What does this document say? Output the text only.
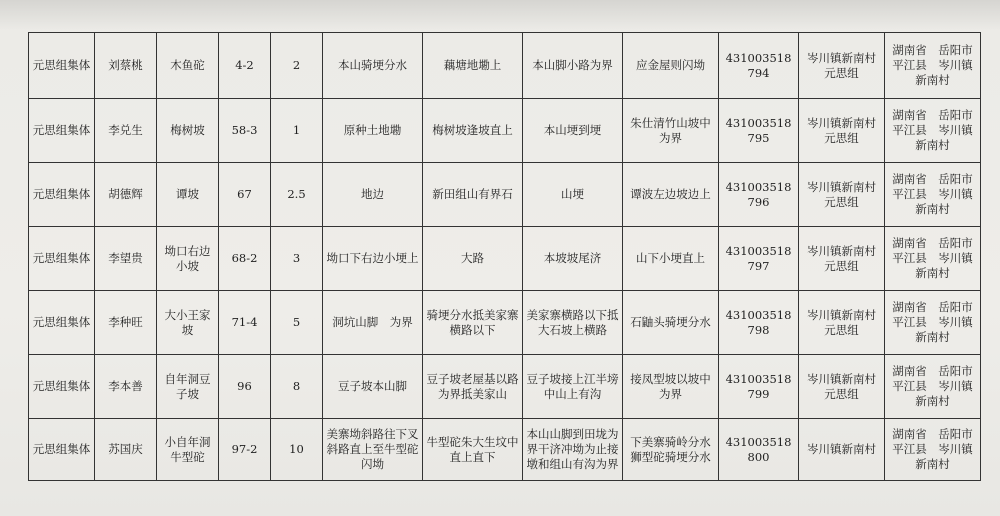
元思组集体	刘蔡桃	木鱼砣	4-2	2	本山骑埂分水	藕塘地墈上	本山脚小路为界	应金屋则闪坳	431003518794	岑川镇新南村元思组	湖南省　岳阳市平江县　岑川镇新南村
元思组集体	李兑生	梅树坡	58-3	1	原种土地墈	梅树坡逢坡直上	本山埂到埂	朱仕清竹山坡中为界	431003518795	岑川镇新南村元思组	湖南省　岳阳市平江县　岑川镇新南村
元思组集体	胡德辉	谭坡	67	2.5	地边	新田组山有界石	山埂	谭波左边坡边上	431003518796	岑川镇新南村元思组	湖南省　岳阳市平江县　岑川镇新南村
元思组集体	李望贵	坳口右边小坡	68-2	3	坳口下右边小埂上	大路	本坡坡尾济	山下小埂直上	431003518797	岑川镇新南村元思组	湖南省　岳阳市平江县　岑川镇新南村
元思组集体	李种旺	大小王家坡	71-4	5	洞坑山脚　为界	骑埂分水抵美家寨横路以下	美家寨横路以下抵大石坡上横路	石鼬头骑埂分水	431003518798	岑川镇新南村元思组	湖南省　岳阳市平江县　岑川镇新南村
元思组集体	李本善	自年洞豆子坡	96	8	豆子坡本山脚	豆子坡老屋基以路为界抵美家山	豆子坡接上江半塝中山上有沟	接凤型坡以坡中为界	431003518799	岑川镇新南村元思组	湖南省　岳阳市平江县　岑川镇新南村
元思组集体	苏国庆	小自年洞牛型砣	97-2	10	美寨坳斜路往下叉斜路直上至牛型砣闪坳	牛型砣朱大生坟中直上直下	本山山脚到田垅为界干济冲坳为止接墩和组山有沟为界	下美寨骑岭分水狮型砣骑埂分水	431003518800	岑川镇新南村	湖南省　岳阳市平江县　岑川镇新南村
